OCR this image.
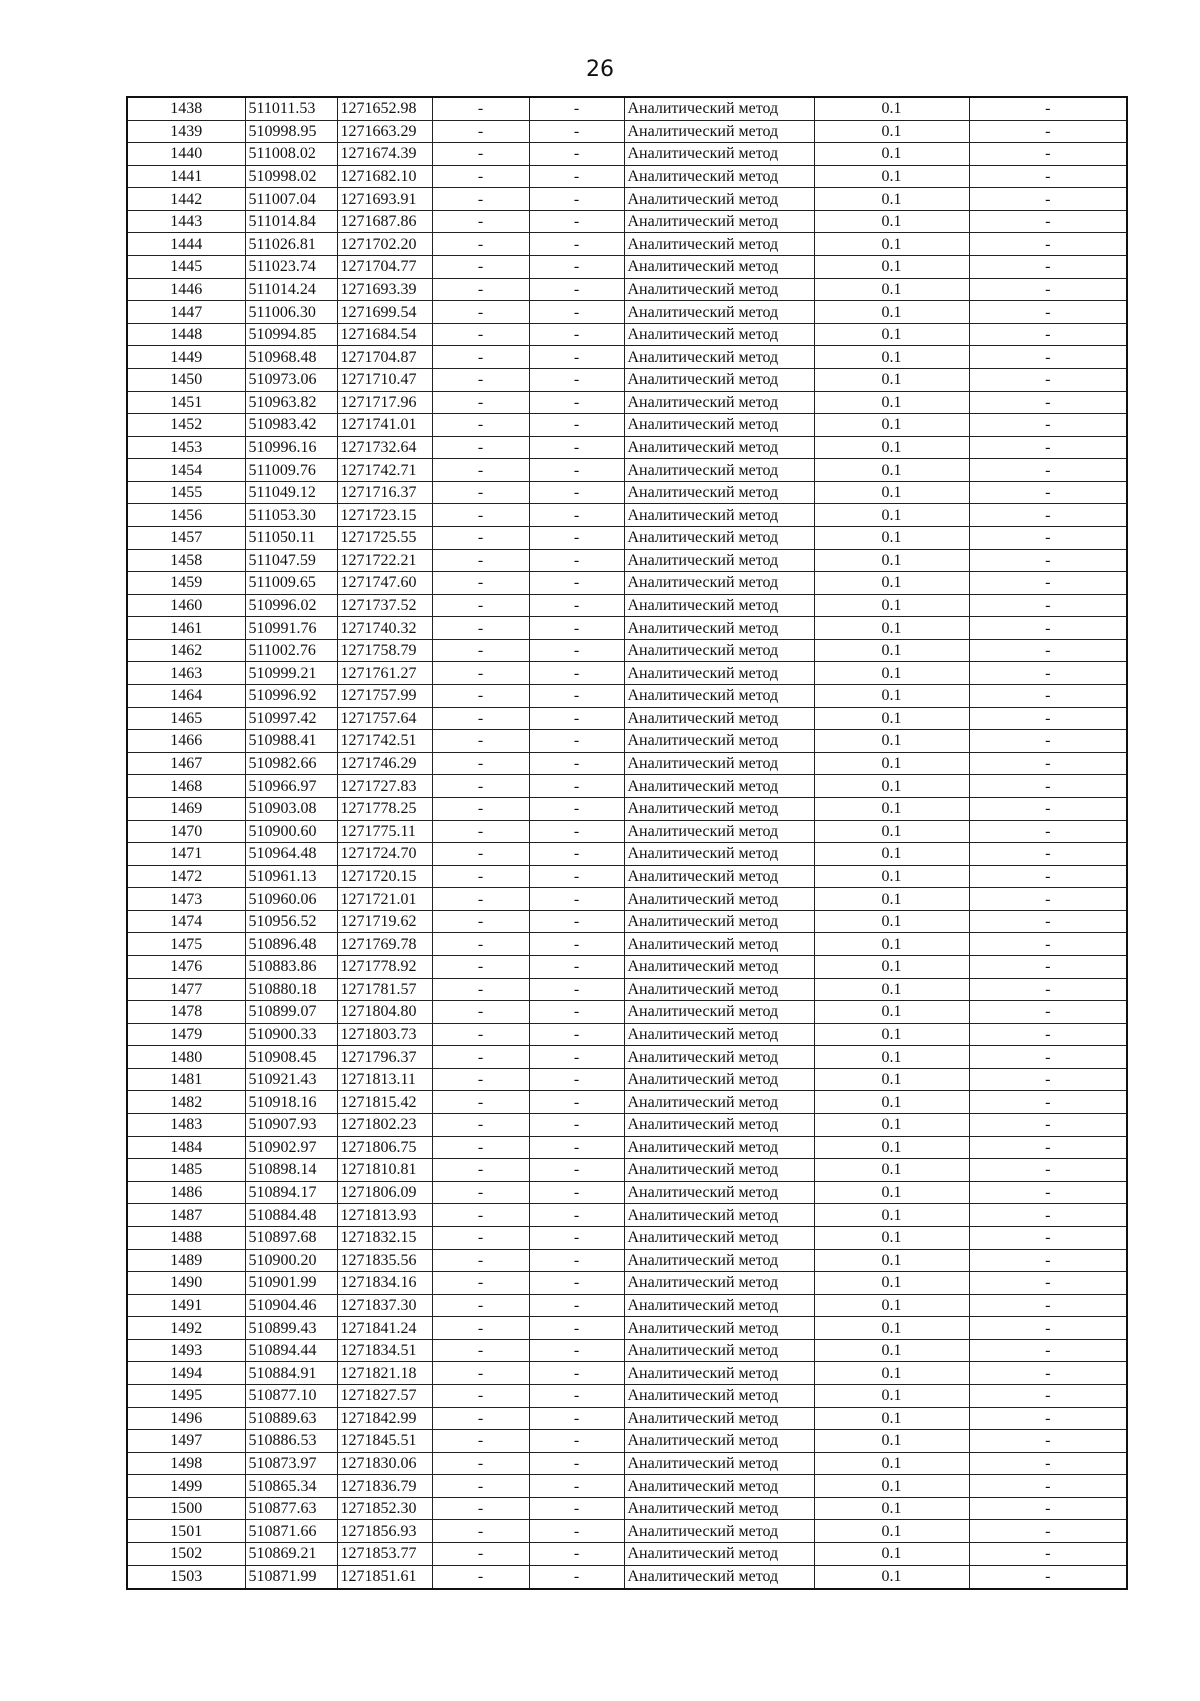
26
1438	511011.53	1271652.98	-	-	Аналитический метод	0.1	-
1439	510998.95	1271663.29	-	-	Аналитический метод	0.1	-
1440	511008.02	1271674.39	-	-	Аналитический метод	0.1	-
1441	510998.02	1271682.10	-	-	Аналитический метод	0.1	-
1442	511007.04	1271693.91	-	-	Аналитический метод	0.1	-
1443	511014.84	1271687.86	-	-	Аналитический метод	0.1	-
1444	511026.81	1271702.20	-	-	Аналитический метод	0.1	-
1445	511023.74	1271704.77	-	-	Аналитический метод	0.1	-
1446	511014.24	1271693.39	-	-	Аналитический метод	0.1	-
1447	511006.30	1271699.54	-	-	Аналитический метод	0.1	-
1448	510994.85	1271684.54	-	-	Аналитический метод	0.1	-
1449	510968.48	1271704.87	-	-	Аналитический метод	0.1	-
1450	510973.06	1271710.47	-	-	Аналитический метод	0.1	-
1451	510963.82	1271717.96	-	-	Аналитический метод	0.1	-
1452	510983.42	1271741.01	-	-	Аналитический метод	0.1	-
1453	510996.16	1271732.64	-	-	Аналитический метод	0.1	-
1454	511009.76	1271742.71	-	-	Аналитический метод	0.1	-
1455	511049.12	1271716.37	-	-	Аналитический метод	0.1	-
1456	511053.30	1271723.15	-	-	Аналитический метод	0.1	-
1457	511050.11	1271725.55	-	-	Аналитический метод	0.1	-
1458	511047.59	1271722.21	-	-	Аналитический метод	0.1	-
1459	511009.65	1271747.60	-	-	Аналитический метод	0.1	-
1460	510996.02	1271737.52	-	-	Аналитический метод	0.1	-
1461	510991.76	1271740.32	-	-	Аналитический метод	0.1	-
1462	511002.76	1271758.79	-	-	Аналитический метод	0.1	-
1463	510999.21	1271761.27	-	-	Аналитический метод	0.1	-
1464	510996.92	1271757.99	-	-	Аналитический метод	0.1	-
1465	510997.42	1271757.64	-	-	Аналитический метод	0.1	-
1466	510988.41	1271742.51	-	-	Аналитический метод	0.1	-
1467	510982.66	1271746.29	-	-	Аналитический метод	0.1	-
1468	510966.97	1271727.83	-	-	Аналитический метод	0.1	-
1469	510903.08	1271778.25	-	-	Аналитический метод	0.1	-
1470	510900.60	1271775.11	-	-	Аналитический метод	0.1	-
1471	510964.48	1271724.70	-	-	Аналитический метод	0.1	-
1472	510961.13	1271720.15	-	-	Аналитический метод	0.1	-
1473	510960.06	1271721.01	-	-	Аналитический метод	0.1	-
1474	510956.52	1271719.62	-	-	Аналитический метод	0.1	-
1475	510896.48	1271769.78	-	-	Аналитический метод	0.1	-
1476	510883.86	1271778.92	-	-	Аналитический метод	0.1	-
1477	510880.18	1271781.57	-	-	Аналитический метод	0.1	-
1478	510899.07	1271804.80	-	-	Аналитический метод	0.1	-
1479	510900.33	1271803.73	-	-	Аналитический метод	0.1	-
1480	510908.45	1271796.37	-	-	Аналитический метод	0.1	-
1481	510921.43	1271813.11	-	-	Аналитический метод	0.1	-
1482	510918.16	1271815.42	-	-	Аналитический метод	0.1	-
1483	510907.93	1271802.23	-	-	Аналитический метод	0.1	-
1484	510902.97	1271806.75	-	-	Аналитический метод	0.1	-
1485	510898.14	1271810.81	-	-	Аналитический метод	0.1	-
1486	510894.17	1271806.09	-	-	Аналитический метод	0.1	-
1487	510884.48	1271813.93	-	-	Аналитический метод	0.1	-
1488	510897.68	1271832.15	-	-	Аналитический метод	0.1	-
1489	510900.20	1271835.56	-	-	Аналитический метод	0.1	-
1490	510901.99	1271834.16	-	-	Аналитический метод	0.1	-
1491	510904.46	1271837.30	-	-	Аналитический метод	0.1	-
1492	510899.43	1271841.24	-	-	Аналитический метод	0.1	-
1493	510894.44	1271834.51	-	-	Аналитический метод	0.1	-
1494	510884.91	1271821.18	-	-	Аналитический метод	0.1	-
1495	510877.10	1271827.57	-	-	Аналитический метод	0.1	-
1496	510889.63	1271842.99	-	-	Аналитический метод	0.1	-
1497	510886.53	1271845.51	-	-	Аналитический метод	0.1	-
1498	510873.97	1271830.06	-	-	Аналитический метод	0.1	-
1499	510865.34	1271836.79	-	-	Аналитический метод	0.1	-
1500	510877.63	1271852.30	-	-	Аналитический метод	0.1	-
1501	510871.66	1271856.93	-	-	Аналитический метод	0.1	-
1502	510869.21	1271853.77	-	-	Аналитический метод	0.1	-
1503	510871.99	1271851.61	-	-	Аналитический метод	0.1	-
